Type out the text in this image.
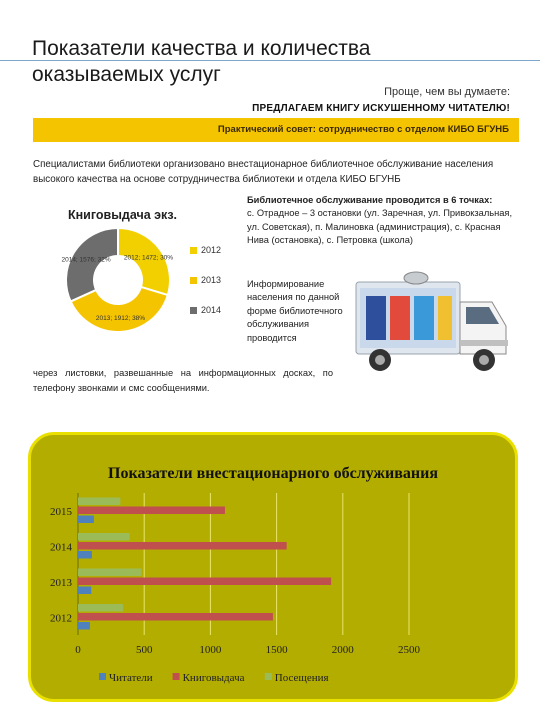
Показатели качества и количества оказываемых услуг
Проще, чем вы думаете:
ПРЕДЛАГАЕМ КНИГУ ИСКУШЕННОМУ ЧИТАТЕЛЮ!
Практический совет: сотрудничество с отделом КИБО БГУНБ
Специалистами библиотеки организовано внестационарное библиотечное обслуживание населения высокого качества на основе сотрудничества библиотеки и отдела КИБО БГУНБ
Книговыдача экз.
2012; 1472; 30%
2013; 1912; 38%
2014; 1576; 32%
2012
2013
2014
Библиотечное обслуживание проводится в 6 точках:
с. Отрадное – 3 остановки (ул. Заречная, ул. Привокзальная, ул. Советская), п. Малиновка (администрация), с. Красная Нива (остановка), с. Петровка (школа)
Информирование населения по данной форме библиотечного обслуживания проводится
через листовки, развешанные на информационных досках, по телефону звонками и смс сообщениями.
Показатели внестационарного обслуживания
0	500	1000	1500	2000	2500
2012
2013
2014
2015
Читатели	Книговыдача	Посещения
